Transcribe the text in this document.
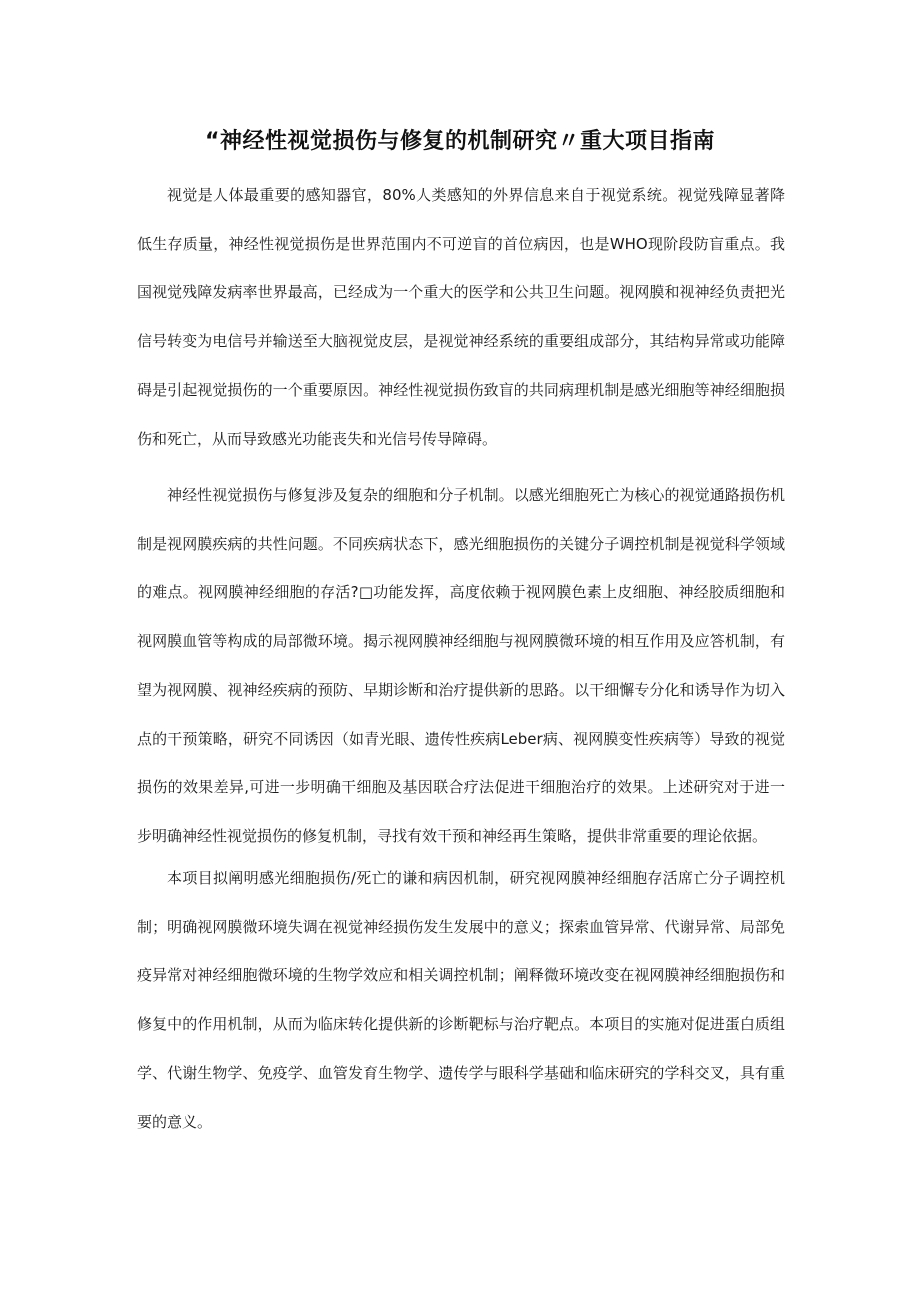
“神经性视觉损伤与修复的机制研究〃重大项目指南

视觉是人体最重要的感知器官，80%人类感知的外界信息来自于视觉系统。视觉残障显著降低生存质量，神经性视觉损伤是世界范围内不可逆盲的首位病因，也是WHO现阶段防盲重点。我国视觉残障发病率世界最高，已经成为一个重大的医学和公共卫生问题。视网膜和视神经负责把光信号转变为电信号并输送至大脑视觉皮层，是视觉神经系统的重要组成部分，其结构异常或功能障碍是引起视觉损伤的一个重要原因。神经性视觉损伤致盲的共同病理机制是感光细胞等神经细胞损伤和死亡，从而导致感光功能丧失和光信号传导障碍。

神经性视觉损伤与修复涉及复杂的细胞和分子机制。以感光细胞死亡为核心的视觉通路损伤机制是视网膜疾病的共性问题。不同疾病状态下，感光细胞损伤的关键分子调控机制是视觉科学领域的难点。视网膜神经细胞的存活?□功能发挥，高度依赖于视网膜色素上皮细胞、神经胶质细胞和视网膜血管等构成的局部微环境。揭示视网膜神经细胞与视网膜微环境的相互作用及应答机制，有望为视网膜、视神经疾病的预防、早期诊断和治疗提供新的思路。以干细懈专分化和诱导作为切入点的干预策略，研究不同诱因（如青光眼、遗传性疾病Leber病、视网膜变性疾病等）导致的视觉损伤的效果差异,可进一步明确干细胞及基因联合疗法促进干细胞治疗的效果。上述研究对于进一步明确神经性视觉损伤的修复机制，寻找有效干预和神经再生策略，提供非常重要的理论依据。

本项目拟阐明感光细胞损伤/死亡的谦和病因机制，研究视网膜神经细胞存活席亡分子调控机制；明确视网膜微环境失调在视觉神经损伤发生发展中的意义；探索血管异常、代谢异常、局部免疫异常对神经细胞微环境的生物学效应和相关调控机制；阐释微环境改变在视网膜神经细胞损伤和修复中的作用机制，从而为临床转化提供新的诊断靶标与治疗靶点。本项目的实施对促进蛋白质组学、代谢生物学、免疫学、血管发育生物学、遗传学与眼科学基础和临床研究的学科交叉，具有重要的意义。
